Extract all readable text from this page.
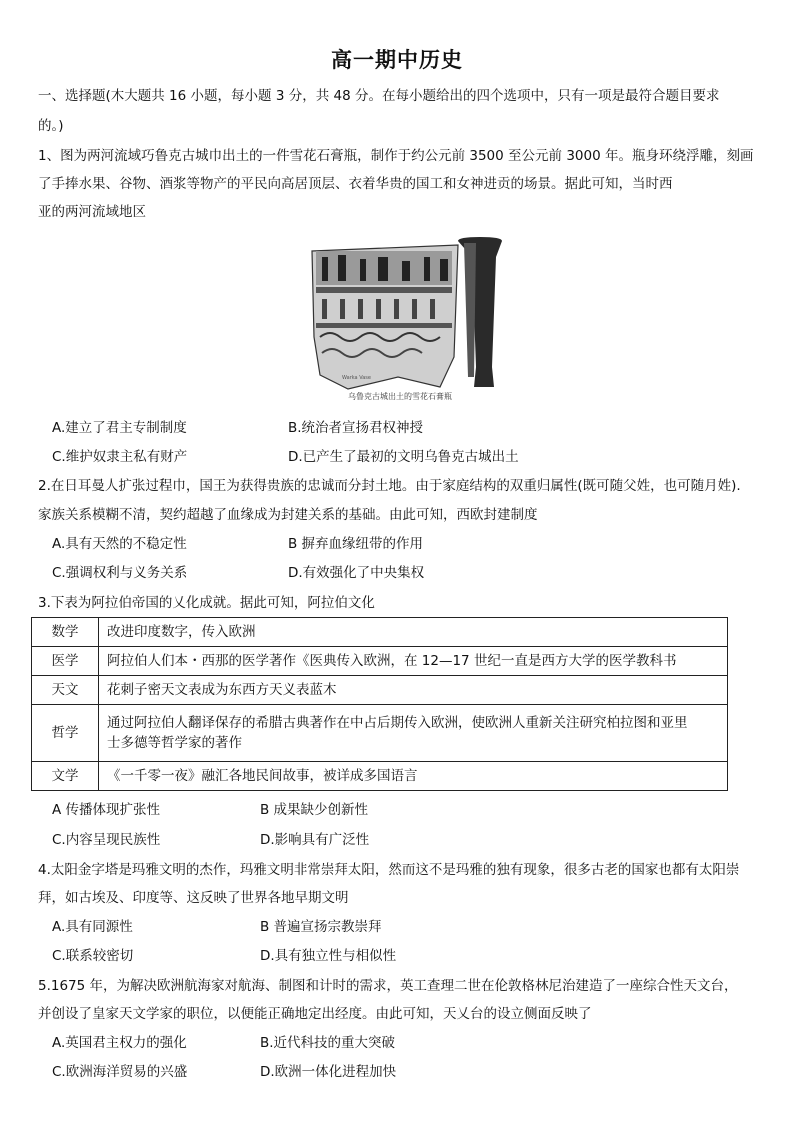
高一期中历史
一、选择题(木大题共 16 小题，每小题 3 分，共 48 分。在每小题给出的四个选项中，只有一项是最符合题目要求
的。)
1、图为两河流域巧鲁克古城巾出土的一件雪花石膏瓶，制作于约公元前 3500 至公元前 3000 年。瓶身环绕浮雕，刻画
了手捧水果、谷物、酒浆等物产的平民向高居顶层、衣着华贵的国工和女神进贡的场景。据此可知，当时西
亚的两河流域地区
Warka Vase
乌鲁克古城出土的雪花石膏瓶
A.建立了君主专制制度	B.统治者宣扬君权神授
C.维护奴隶主私有财产	D.已产生了最初的文明乌鲁克古城出土
2.在日耳曼人扩张过程巾，国王为获得贵族的忠诚而分封土地。由于家庭结构的双重归属性(既可随父姓，也可随月姓).
家族关系模糊不清，契约超越了血缘成为封建关系的基础。由此可知，西欧封建制度
A.具有天然的不稳定性	B 摒弃血缘纽带的作用
C.强调权利与义务关系	D.有效强化了中央集权
3.下表为阿拉伯帝国的乂化成就。据此可知，阿拉伯文化
数学	改进印度数字，传入欧洲
医学	阿拉伯人们本・西那的医学著作《医典传入欧洲，在 12—17 世纪一直是西方大学的医学教科书
天文	花刺子密天文表成为东西方天义表蓝木
哲学	通过阿拉伯人翻译保存的希腊古典著作在中占后期传入欧洲，使欧洲人重新关注研究柏拉图和亚里
士多德等哲学家的著作

文学	《一千零一夜》融汇各地民间故事，被详成多国语言
A 传播体现扩张性	B 成果缺少创新性
C.内容呈现民族性	D.影响具有广泛性
4.太阳金字塔是玛雅文明的杰作，玛雅文明非常崇拜太阳，然而这不是玛雅的独有现象，很多古老的国家也都有太阳崇
拜，如古埃及、印度等、这反映了世界各地早期文明
A.具有同源性	B 普遍宣扬宗教崇拜
C.联系较密切	D.具有独立性与相似性
5.1675 年，为解决欧洲航海家对航海、制图和计时的需求，英工查理二世在伦敦格林尼治建造了一座综合性天文台，
并创设了皇家天文学家的职位，以便能正确地定出经度。由此可知，天乂台的设立侧面反映了
A.英国君主权力的强化	B.近代科技的重大突破
C.欧洲海洋贸易的兴盛	D.欧洲一体化进程加快
